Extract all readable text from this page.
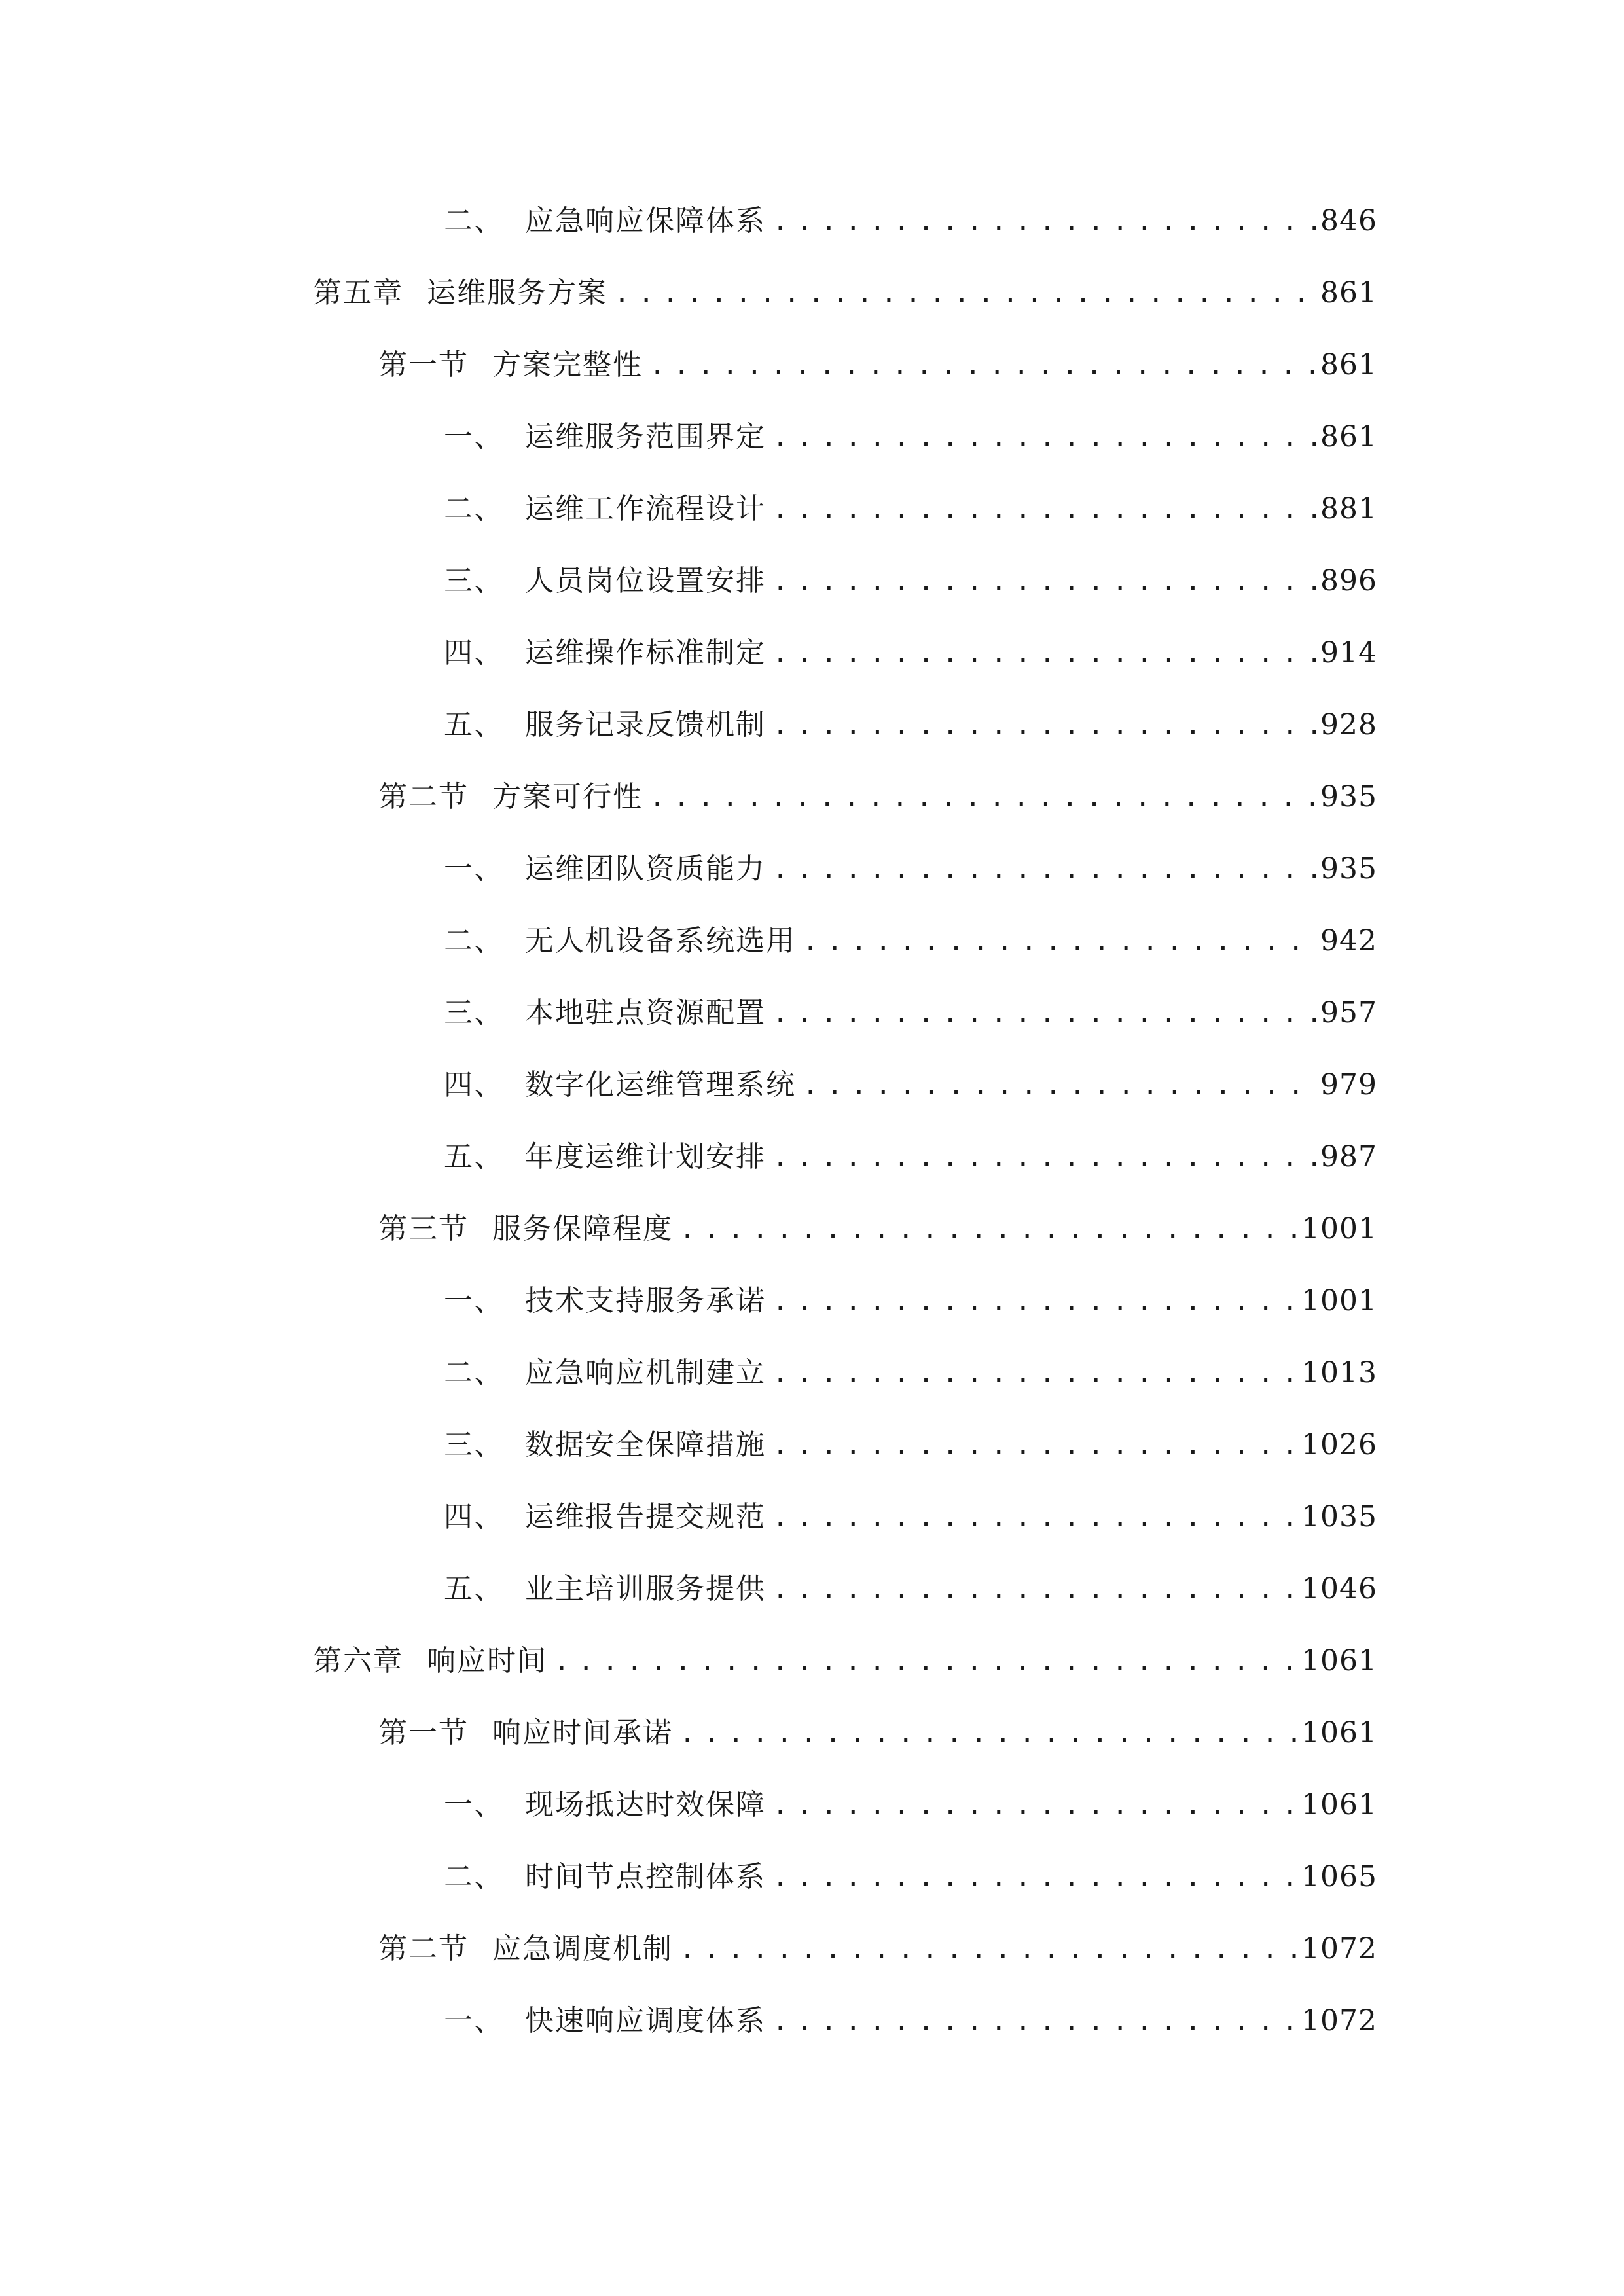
二、 应急响应保障体系 .....	846
第五章 运维服务方案 .....	861
第一节 方案完整性 .....	861
一、 运维服务范围界定 .....	861
二、 运维工作流程设计 .....	881
三、 人员岗位设置安排 .....	896
四、 运维操作标准制定 .....	914
五、 服务记录反馈机制 .....	928
第二节 方案可行性 .....	935
一、 运维团队资质能力 .....	935
二、 无人机设备系统选用 .....	942
三、 本地驻点资源配置 .....	957
四、 数字化运维管理系统 .....	979
五、 年度运维计划安排 .....	987
第三节 服务保障程度 .....	1001
一、 技术支持服务承诺 .....	1001
二、 应急响应机制建立 .....	1013
三、 数据安全保障措施 .....	1026
四、 运维报告提交规范 .....	1035
五、 业主培训服务提供 .....	1046
第六章 响应时间 .....	1061
第一节 响应时间承诺 .....	1061
一、 现场抵达时效保障 .....	1061
二、 时间节点控制体系 .....	1065
第二节 应急调度机制 .....	1072
一、 快速响应调度体系 .....	1072
